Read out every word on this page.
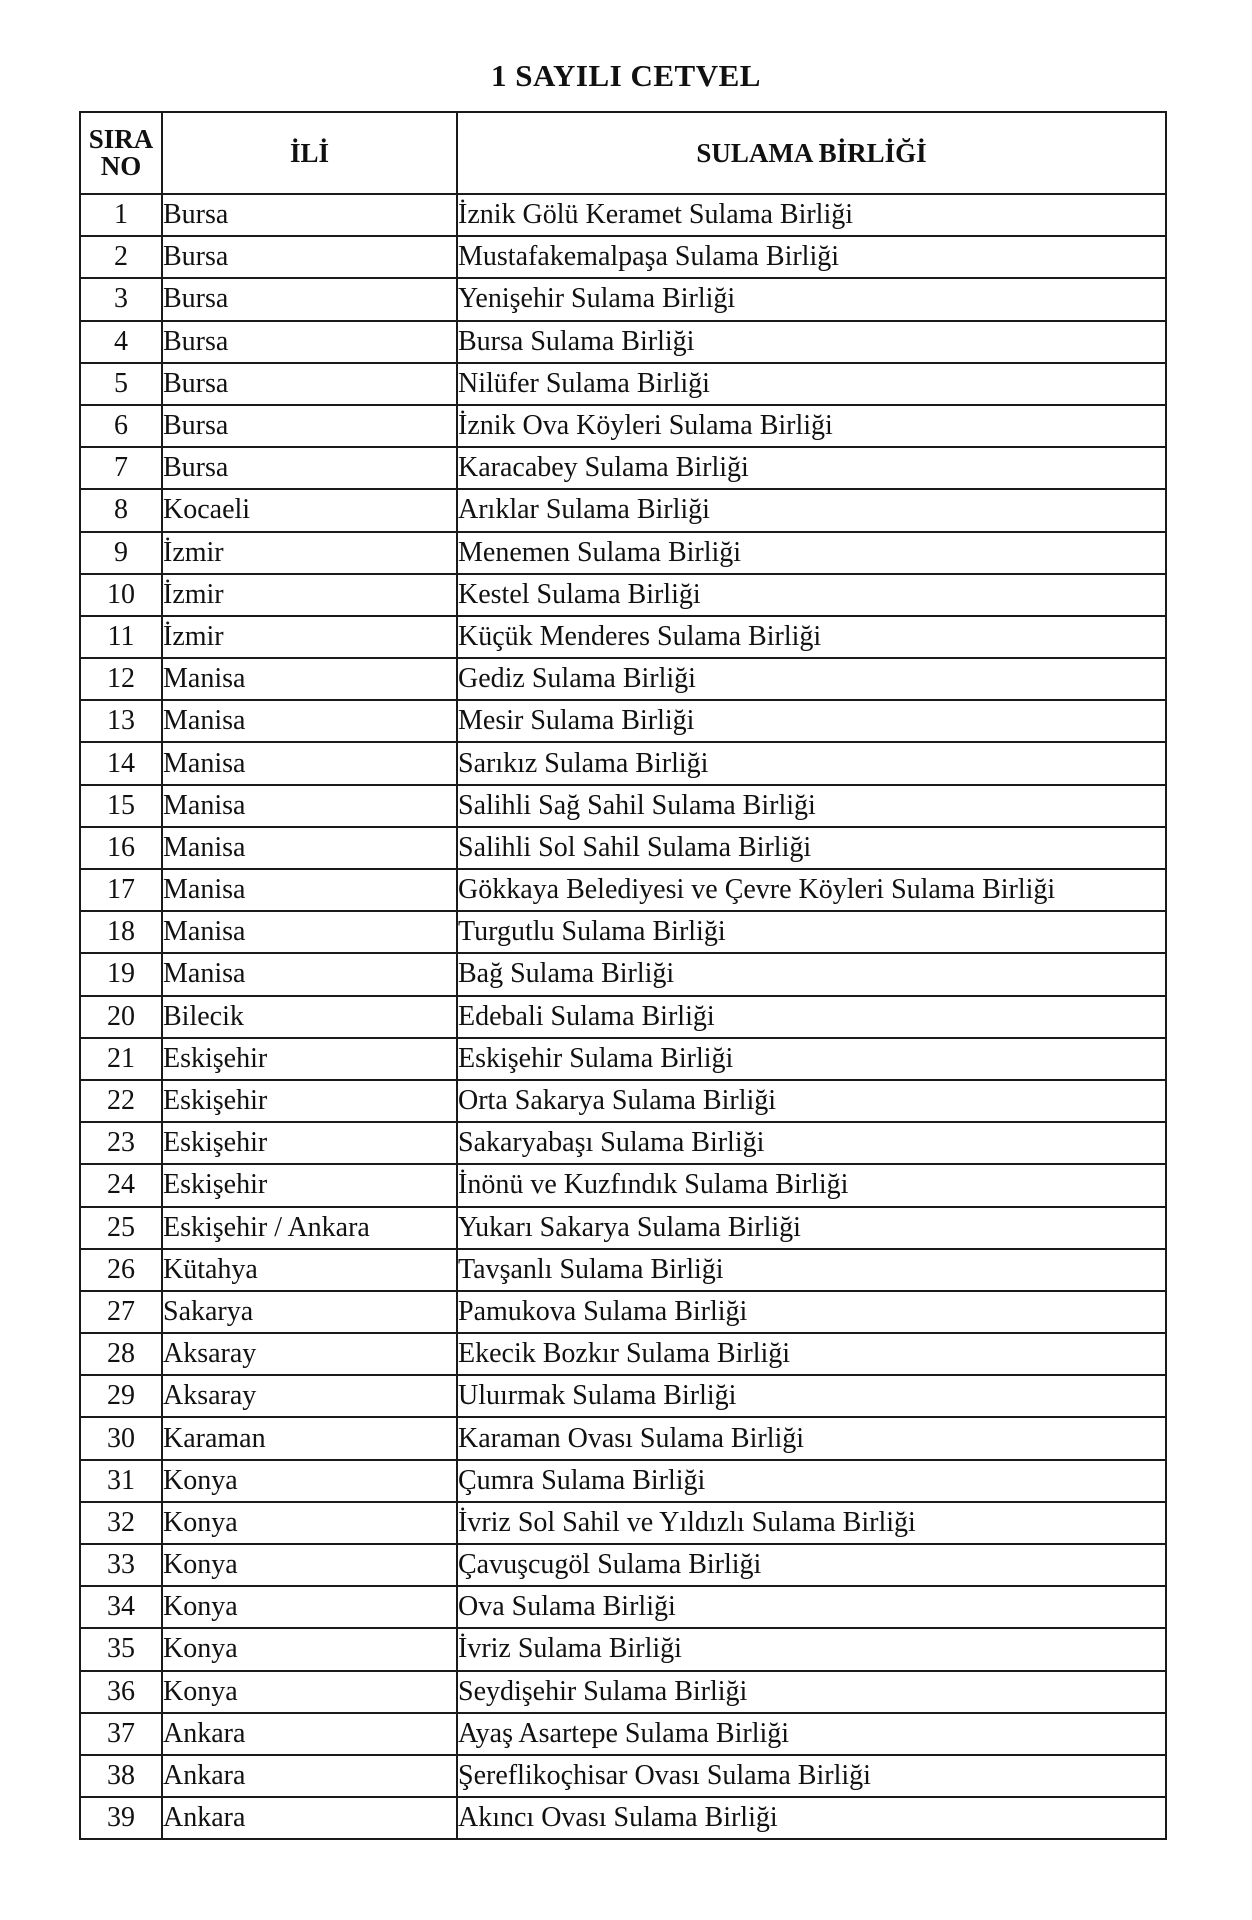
1 SAYILI CETVEL
SIRA
NO	İLİ	SULAMA BİRLİĞİ
1	Bursa	İznik Gölü Keramet Sulama Birliği
2	Bursa	Mustafakemalpaşa Sulama Birliği
3	Bursa	Yenişehir Sulama Birliği
4	Bursa	Bursa Sulama Birliği
5	Bursa	Nilüfer Sulama Birliği
6	Bursa	İznik Ova Köyleri Sulama Birliği
7	Bursa	Karacabey Sulama Birliği
8	Kocaeli	Arıklar Sulama Birliği
9	İzmir	Menemen Sulama Birliği
10	İzmir	Kestel Sulama Birliği
11	İzmir	Küçük Menderes Sulama Birliği
12	Manisa	Gediz Sulama Birliği
13	Manisa	Mesir Sulama Birliği
14	Manisa	Sarıkız Sulama Birliği
15	Manisa	Salihli Sağ Sahil Sulama Birliği
16	Manisa	Salihli Sol Sahil Sulama Birliği
17	Manisa	Gökkaya Belediyesi ve Çevre Köyleri Sulama Birliği
18	Manisa	Turgutlu Sulama Birliği
19	Manisa	Bağ Sulama Birliği
20	Bilecik	Edebali Sulama Birliği
21	Eskişehir	Eskişehir Sulama Birliği
22	Eskişehir	Orta Sakarya Sulama Birliği
23	Eskişehir	Sakaryabaşı Sulama Birliği
24	Eskişehir	İnönü ve Kuzfındık Sulama Birliği
25	Eskişehir / Ankara	Yukarı Sakarya Sulama Birliği
26	Kütahya	Tavşanlı Sulama Birliği
27	Sakarya	Pamukova Sulama Birliği
28	Aksaray	Ekecik Bozkır Sulama Birliği
29	Aksaray	Uluırmak Sulama Birliği
30	Karaman	Karaman Ovası Sulama Birliği
31	Konya	Çumra Sulama Birliği
32	Konya	İvriz Sol Sahil ve Yıldızlı Sulama Birliği
33	Konya	Çavuşcugöl Sulama Birliği
34	Konya	Ova Sulama Birliği
35	Konya	İvriz Sulama Birliği
36	Konya	Seydişehir Sulama Birliği
37	Ankara	Ayaş Asartepe Sulama Birliği
38	Ankara	Şereflikoçhisar Ovası Sulama Birliği
39	Ankara	Akıncı Ovası Sulama Birliği
